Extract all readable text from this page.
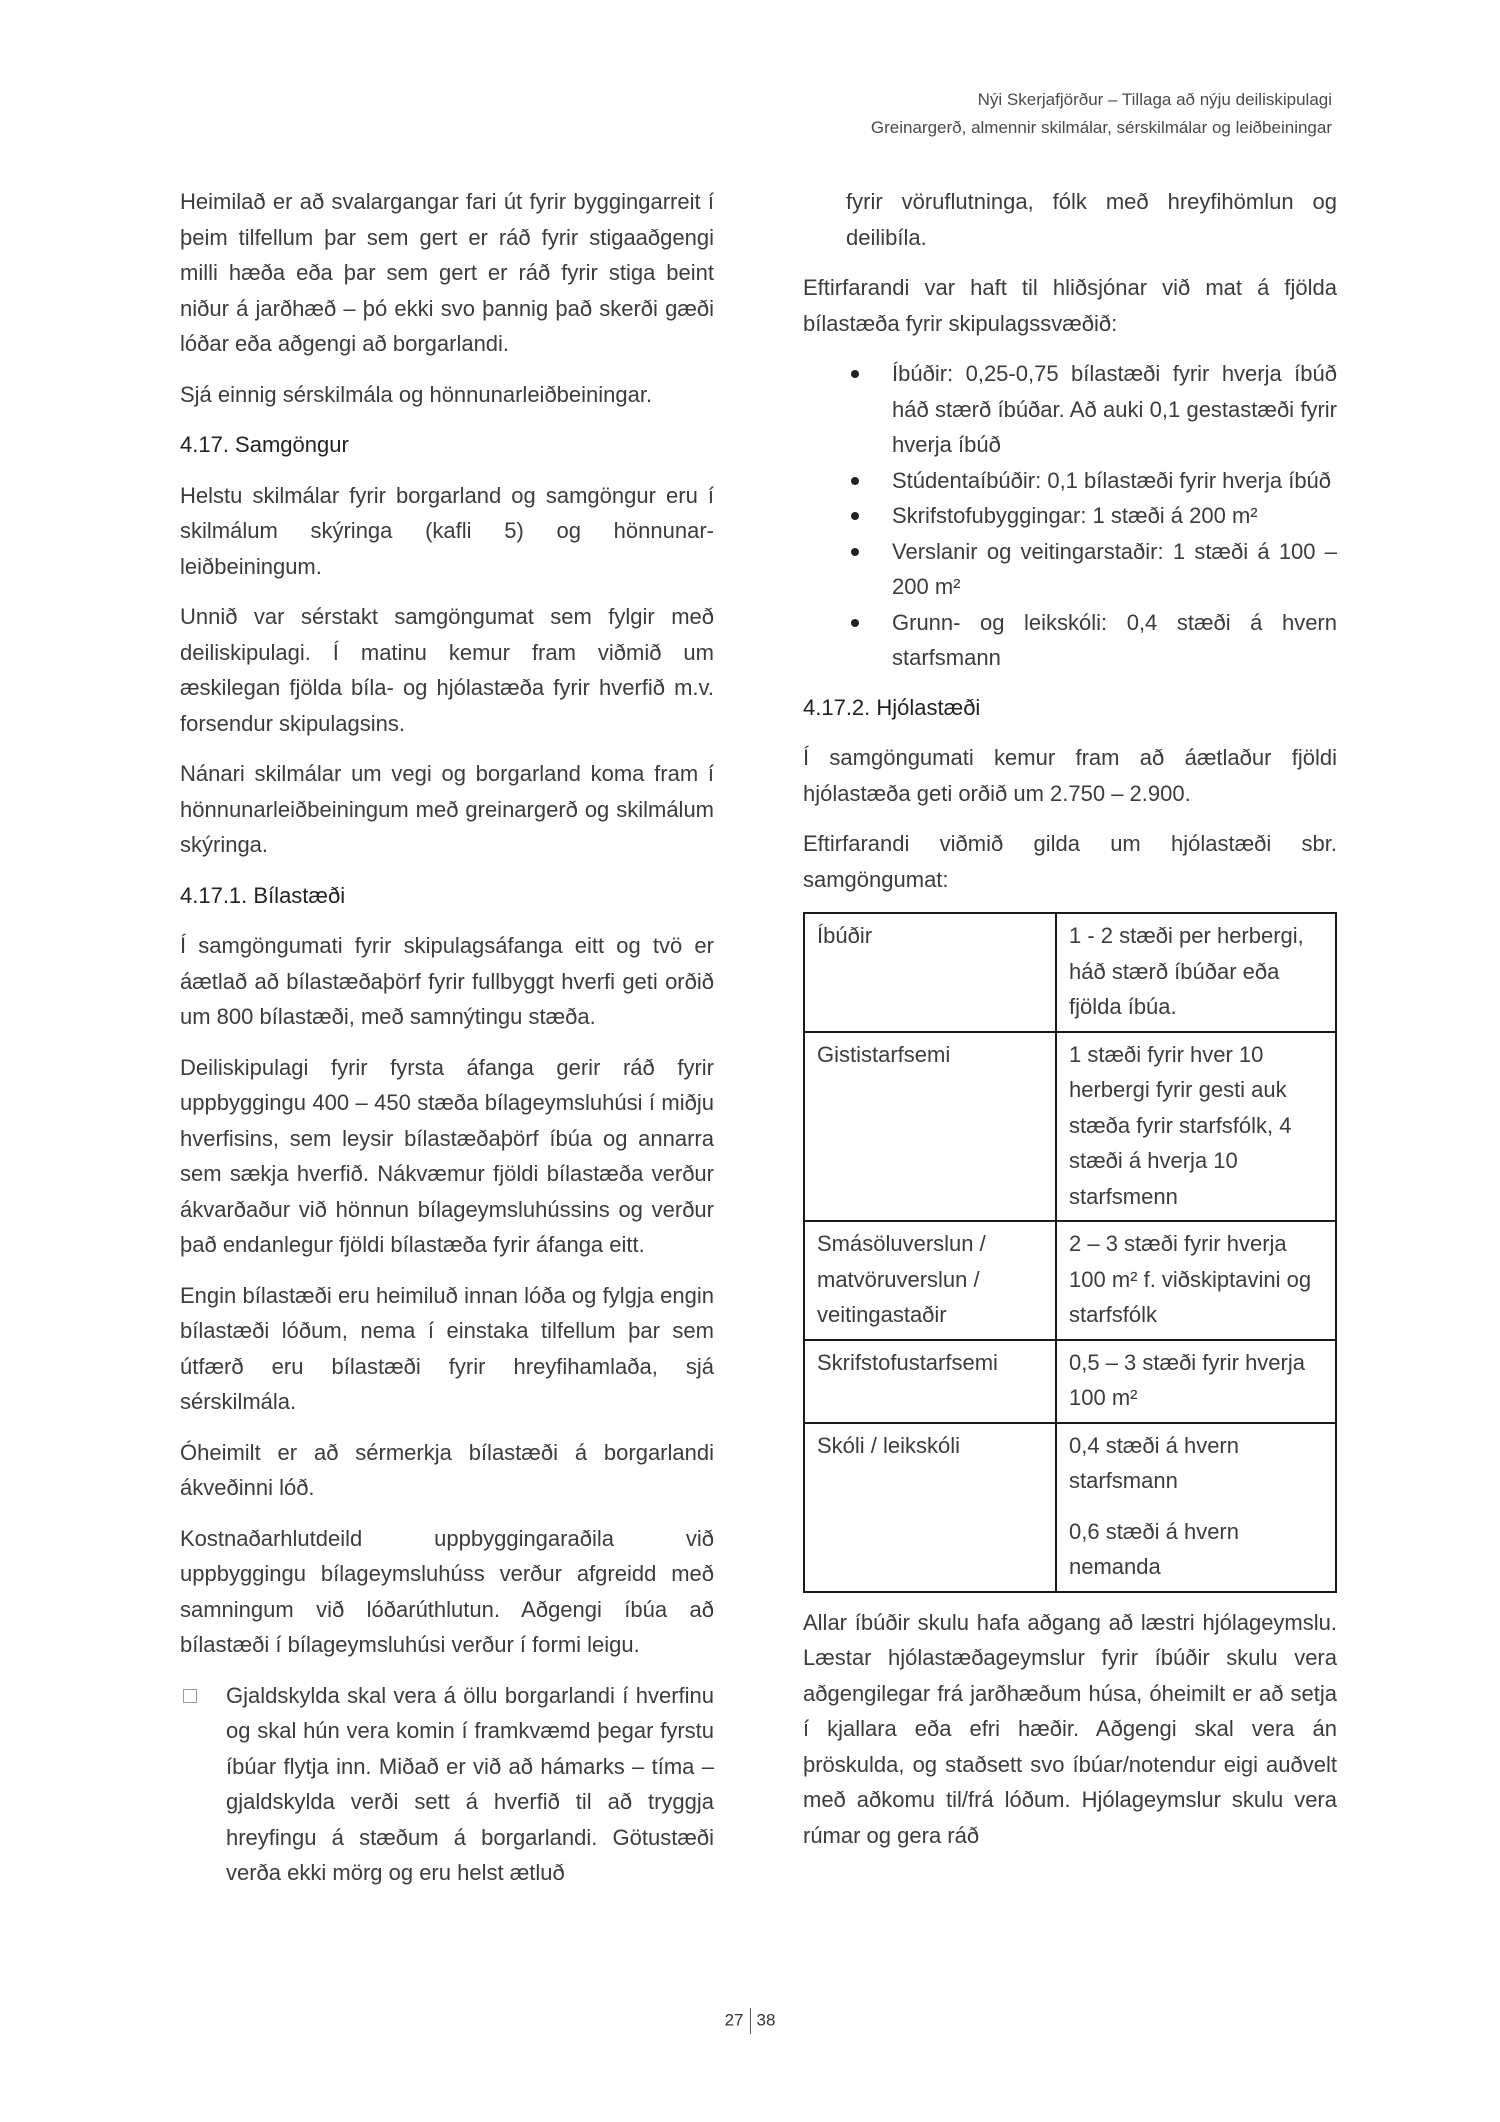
Nýi Skerjafjörður – Tillaga að nýju deiliskipulagi
Greinargerð, almennir skilmálar, sérskilmálar og leiðbeiningar

Heimilað er að svalargangar fari út fyrir byggingarreit í þeim tilfellum þar sem gert er ráð fyrir stigaaðgengi milli hæða eða þar sem gert er ráð fyrir stiga beint niður á jarðhæð – þó ekki svo þannig það skerði gæði lóðar eða aðgengi að borgarlandi.

Sjá einnig sérskilmála og hönnunarleiðbeiningar.

4.17. Samgöngur

Helstu skilmálar fyrir borgarland og samgöngur eru í skilmálum skýringa (kafli 5) og hönnunar-leiðbeiningum.

Unnið var sérstakt samgöngumat sem fylgir með deiliskipulagi. Í matinu kemur fram viðmið um æskilegan fjölda bíla- og hjólastæða fyrir hverfið m.v. forsendur skipulagsins.

Nánari skilmálar um vegi og borgarland koma fram í hönnunarleiðbeiningum með greinargerð og skilmálum skýringa.

4.17.1. Bílastæði

Í samgöngumati fyrir skipulagsáfanga eitt og tvö er áætlað að bílastæðaþörf fyrir fullbyggt hverfi geti orðið um 800 bílastæði, með samnýtingu stæða.

Deiliskipulagi fyrir fyrsta áfanga gerir ráð fyrir uppbyggingu 400 – 450 stæða bílageymsluhúsi í miðju hverfisins, sem leysir bílastæðaþörf íbúa og annarra sem sækja hverfið. Nákvæmur fjöldi bílastæða verður ákvarðaður við hönnun bílageymsluhússins og verður það endanlegur fjöldi bílastæða fyrir áfanga eitt.

Engin bílastæði eru heimiluð innan lóða og fylgja engin bílastæði lóðum, nema í einstaka tilfellum þar sem útfærð eru bílastæði fyrir hreyfihamlaða, sjá sérskilmála.

Óheimilt er að sérmerkja bílastæði á borgarlandi ákveðinni lóð.

Kostnaðarhlutdeild uppbyggingaraðila við uppbyggingu bílageymsluhúss verður afgreidd með samningum við lóðarúthlutun. Aðgengi íbúa að bílastæði í bílageymsluhúsi verður í formi leigu.

Gjaldskylda skal vera á öllu borgarlandi í hverfinu og skal hún vera komin í framkvæmd þegar fyrstu íbúar flytja inn. Miðað er við að hámarks – tíma – gjaldskylda verði sett á hverfið til að tryggja hreyfingu á stæðum á borgarlandi. Götustæði verða ekki mörg og eru helst ætluð

fyrir vöruflutninga, fólk með hreyfihömlun og deilibíla.

Eftirfarandi var haft til hliðsjónar við mat á fjölda bílastæða fyrir skipulagssvæðið:

Íbúðir: 0,25-0,75 bílastæði fyrir hverja íbúð háð stærð íbúðar. Að auki 0,1 gestastæði fyrir hverja íbúð
Stúdentaíbúðir: 0,1 bílastæði fyrir hverja íbúð
Skrifstofubyggingar: 1 stæði á 200 m²
Verslanir og veitingarstaðir: 1 stæði á 100 – 200 m²
Grunn- og leikskóli: 0,4 stæði á hvern starfsmann
4.17.2. Hjólastæði

Í samgöngumati kemur fram að áætlaður fjöldi hjólastæða geti orðið um 2.750 – 2.900.

Eftirfarandi viðmið gilda um hjólastæði sbr. samgöngumat:

Íbúðir	1 - 2 stæði per herbergi, háð stærð íbúðar eða fjölda íbúa.
Gististarfsemi	1 stæði fyrir hver 10 herbergi fyrir gesti auk stæða fyrir starfsfólk, 4 stæði á hverja 10 starfsmenn
Smásöluverslun / matvöruverslun / veitingastaðir	2 – 3 stæði fyrir hverja 100 m² f. viðskiptavini og starfsfólk
Skrifstofustarfsemi	0,5 – 3 stæði fyrir hverja 100 m²
Skóli / leikskóli	0,4 stæði á hvern starfsmann
0,6 stæði á hvern nemanda

Allar íbúðir skulu hafa aðgang að læstri hjólageymslu. Læstar hjólastæðageymslur fyrir íbúðir skulu vera aðgengilegar frá jarðhæðum húsa, óheimilt er að setja í kjallara eða efri hæðir. Aðgengi skal vera án þröskulda, og staðsett svo íbúar/notendur eigi auðvelt með aðkomu til/frá lóðum. Hjólageymslur skulu vera rúmar og gera ráð

27 38
